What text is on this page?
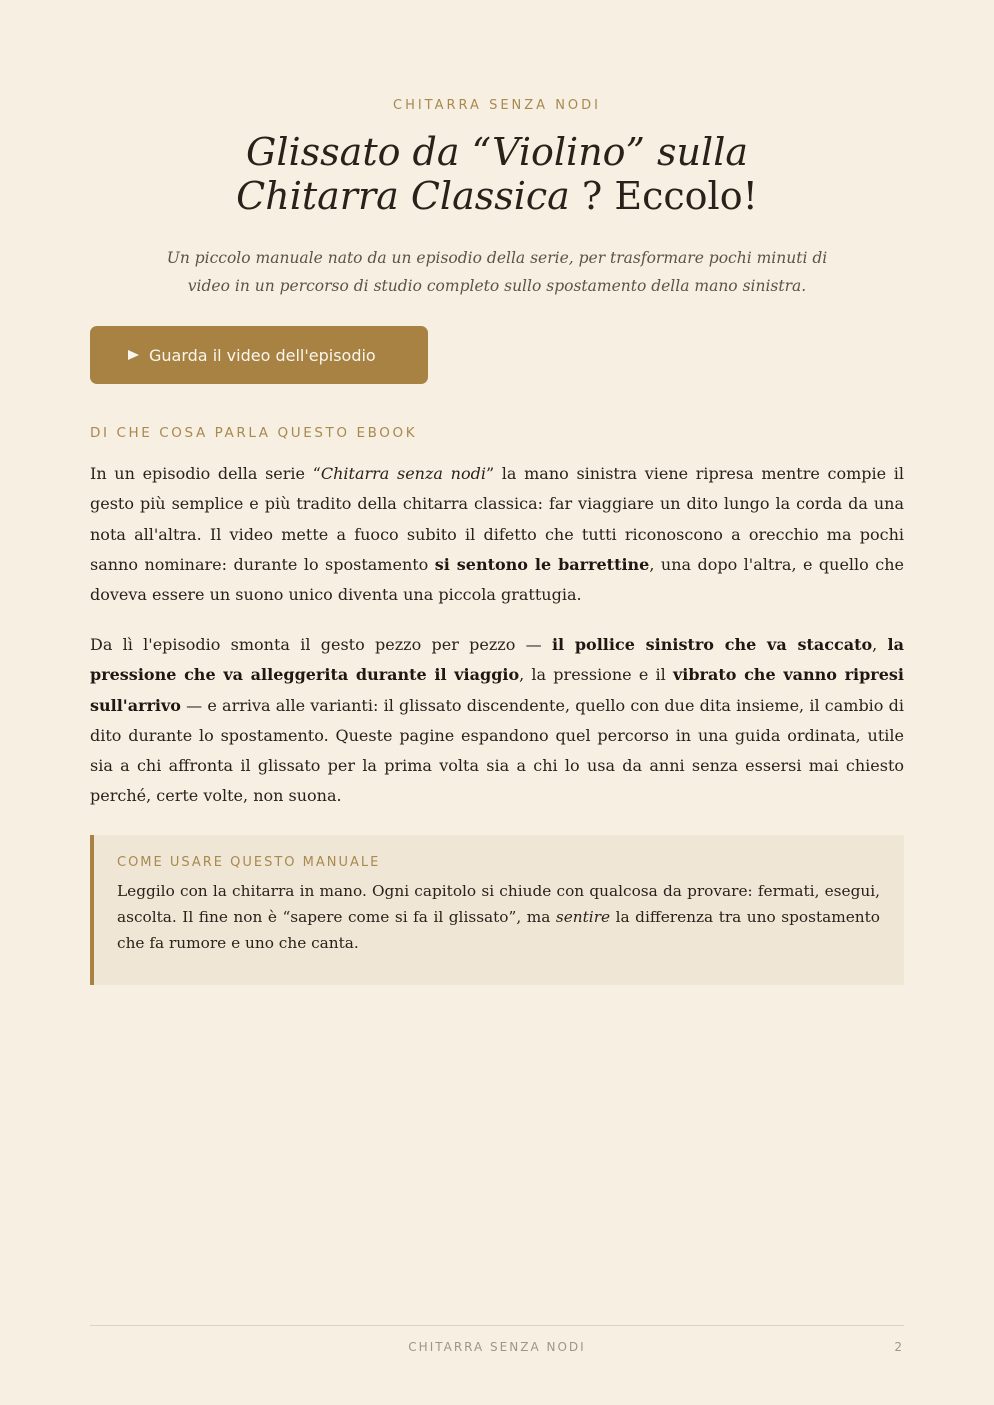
CHITARRA SENZA NODI
Glissato da “Violino” sulla
Chitarra Classica ? Eccolo!

Un piccolo manuale nato da un episodio della serie, per trasformare pochi minuti di video in un percorso di studio completo sullo spostamento della mano sinistra.

Guarda il video dell'episodio
DI CHE COSA PARLA QUESTO EBOOK

In un episodio della serie “Chitarra senza nodi” la mano sinistra viene ripresa mentre compie il gesto più semplice e più tradito della chitarra classica: far viaggiare un dito lungo la corda da una nota all'altra. Il video mette a fuoco subito il difetto che tutti riconoscono a orecchio ma pochi sanno nominare: durante lo spostamento si sentono le barrettine, una dopo l'altra, e quello che doveva essere un suono unico diventa una piccola grattugia.

Da lì l'episodio smonta il gesto pezzo per pezzo — il pollice sinistro che va staccato, la pressione che va alleggerita durante il viaggio, la pressione e il vibrato che vanno ripresi sull'arrivo — e arriva alle varianti: il glissato discendente, quello con due dita insieme, il cambio di dito durante lo spostamento. Queste pagine espandono quel percorso in una guida ordinata, utile sia a chi affronta il glissato per la prima volta sia a chi lo usa da anni senza essersi mai chiesto perché, certe volte, non suona.

COME USARE QUESTO MANUALE

Leggilo con la chitarra in mano. Ogni capitolo si chiude con qualcosa da provare: fermati, esegui, ascolta. Il fine non è “sapere come si fa il glissato”, ma sentire la differenza tra uno spostamento che fa rumore e uno che canta.

CHITARRA SENZA NODI	2
